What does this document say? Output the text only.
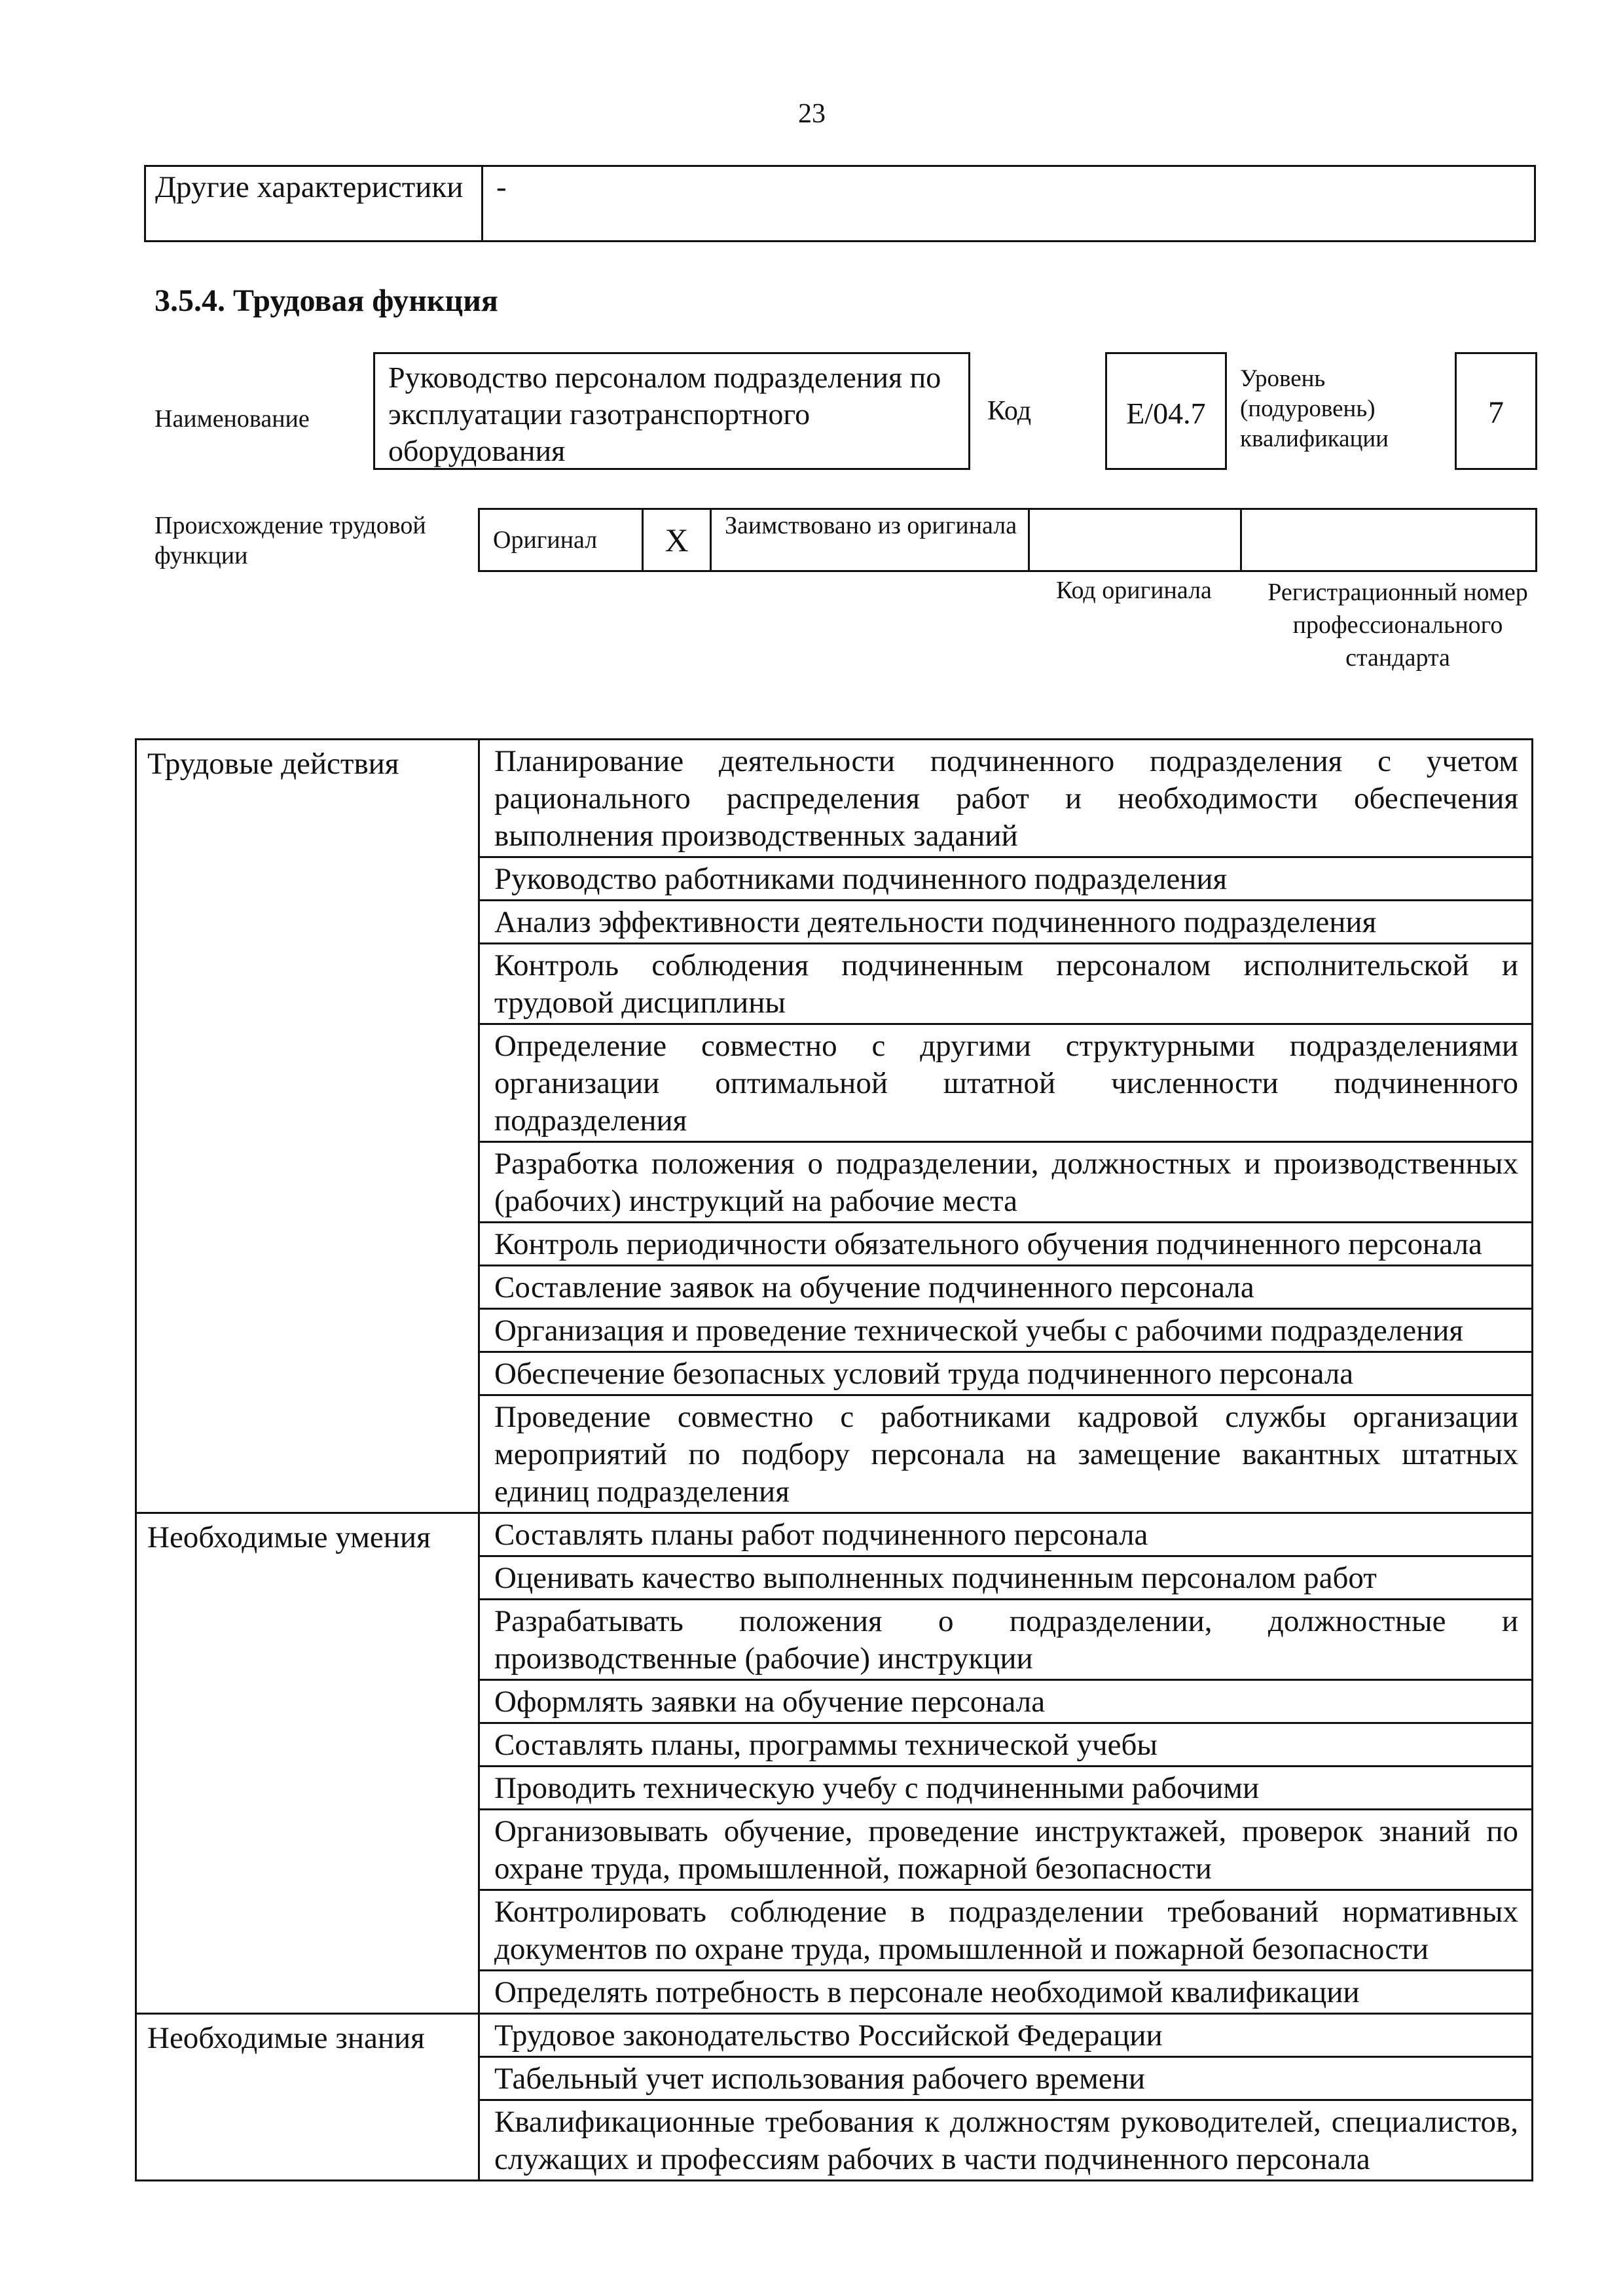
23
Другие характеристики	-
3.5.4. Трудовая функция
Наименование
Руководство персоналом подразделения по эксплуатации газотранспортного оборудования
Код	E/04.7
Уровень (подуровень) квалификации
7
Происхождение трудовой функции
Оригинал	X	Заимствовано из оригинала		
Код оригинала	Регистрационный номер профессионального стандарта
Трудовые действия	Планирование деятельности подчиненного подразделения с учетом рационального распределения работ и необходимости обеспечения выполнения производственных заданий
	Руководство работниками подчиненного подразделения
	Анализ эффективности деятельности подчиненного подразделения
	Контроль соблюдения подчиненным персоналом исполнительской и трудовой дисциплины
	Определение совместно с другими структурными подразделениями организации оптимальной штатной численности подчиненного подразделения
	Разработка положения о подразделении, должностных и производственных (рабочих) инструкций на рабочие места
	Контроль периодичности обязательного обучения подчиненного персонала
	Составление заявок на обучение подчиненного персонала
	Организация и проведение технической учебы с рабочими подразделения
	Обеспечение безопасных условий труда подчиненного персонала
	Проведение совместно с работниками кадровой службы организации мероприятий по подбору персонала на замещение вакантных штатных единиц подразделения
Необходимые умения	Составлять планы работ подчиненного персонала
	Оценивать качество выполненных подчиненным персоналом работ
	Разрабатывать положения о подразделении, должностные и производственные (рабочие) инструкции
	Оформлять заявки на обучение персонала
	Составлять планы, программы технической учебы
	Проводить техническую учебу с подчиненными рабочими
	Организовывать обучение, проведение инструктажей, проверок знаний по охране труда, промышленной, пожарной безопасности
	Контролировать соблюдение в подразделении требований нормативных документов по охране труда, промышленной и пожарной безопасности
	Определять потребность в персонале необходимой квалификации
Необходимые знания	Трудовое законодательство Российской Федерации
	Табельный учет использования рабочего времени
	Квалификационные требования к должностям руководителей, специалистов, служащих и профессиям рабочих в части подчиненного персонала
